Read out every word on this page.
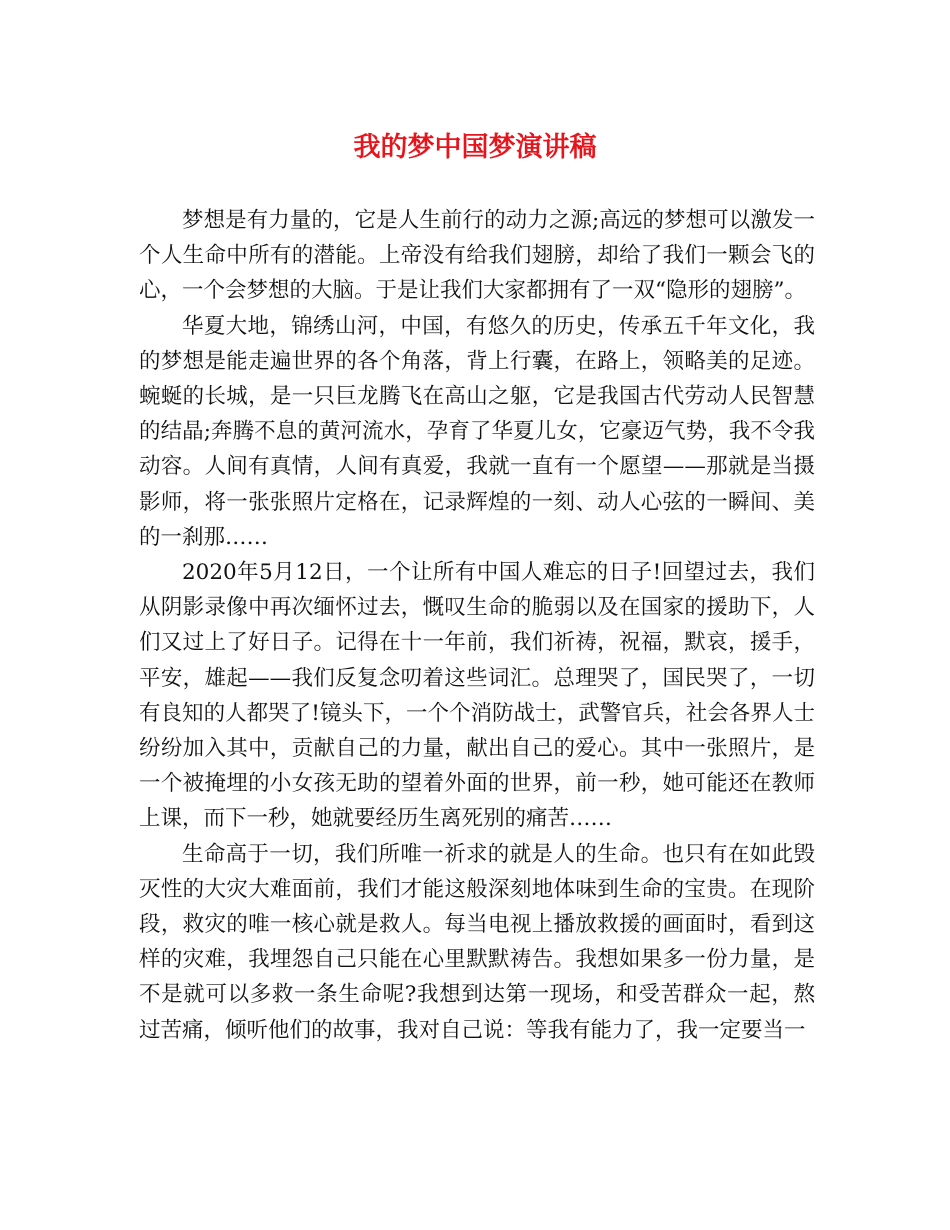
我的梦中国梦演讲稿

梦想是有力量的，它是人生前行的动力之源;高远的梦想可以激发一个人生命中所有的潜能。上帝没有给我们翅膀，却给了我们一颗会飞的心，一个会梦想的大脑。于是让我们大家都拥有了一双“隐形的翅膀”。

华夏大地，锦绣山河，中国，有悠久的历史，传承五千年文化，我的梦想是能走遍世界的各个角落，背上行囊，在路上，领略美的足迹。蜿蜒的长城，是一只巨龙腾飞在高山之躯，它是我国古代劳动人民智慧的结晶;奔腾不息的黄河流水，孕育了华夏儿女，它豪迈气势，我不令我动容。人间有真情，人间有真爱，我就一直有一个愿望——那就是当摄影师，将一张张照片定格在，记录辉煌的一刻、动人心弦的一瞬间、美的一刹那……

2020年5月12日，一个让所有中国人难忘的日子!回望过去，我们从阴影录像中再次缅怀过去，慨叹生命的脆弱以及在国家的援助下，人们又过上了好日子。记得在十一年前，我们祈祷，祝福，默哀，援手，平安，雄起——我们反复念叨着这些词汇。总理哭了，国民哭了，一切有良知的人都哭了!镜头下，一个个消防战士，武警官兵，社会各界人士纷纷加入其中，贡献自己的力量，献出自己的爱心。其中一张照片，是一个被掩埋的小女孩无助的望着外面的世界，前一秒，她可能还在教师上课，而下一秒，她就要经历生离死别的痛苦……

生命高于一切，我们所唯一祈求的就是人的生命。也只有在如此毁灭性的大灾大难面前，我们才能这般深刻地体味到生命的宝贵。在现阶段，救灾的唯一核心就是救人。每当电视上播放救援的画面时，看到这样的灾难，我埋怨自己只能在心里默默祷告。我想如果多一份力量，是不是就可以多救一条生命呢?我想到达第一现场，和受苦群众一起，熬过苦痛，倾听他们的故事，我对自己说：等我有能力了，我一定要当一
